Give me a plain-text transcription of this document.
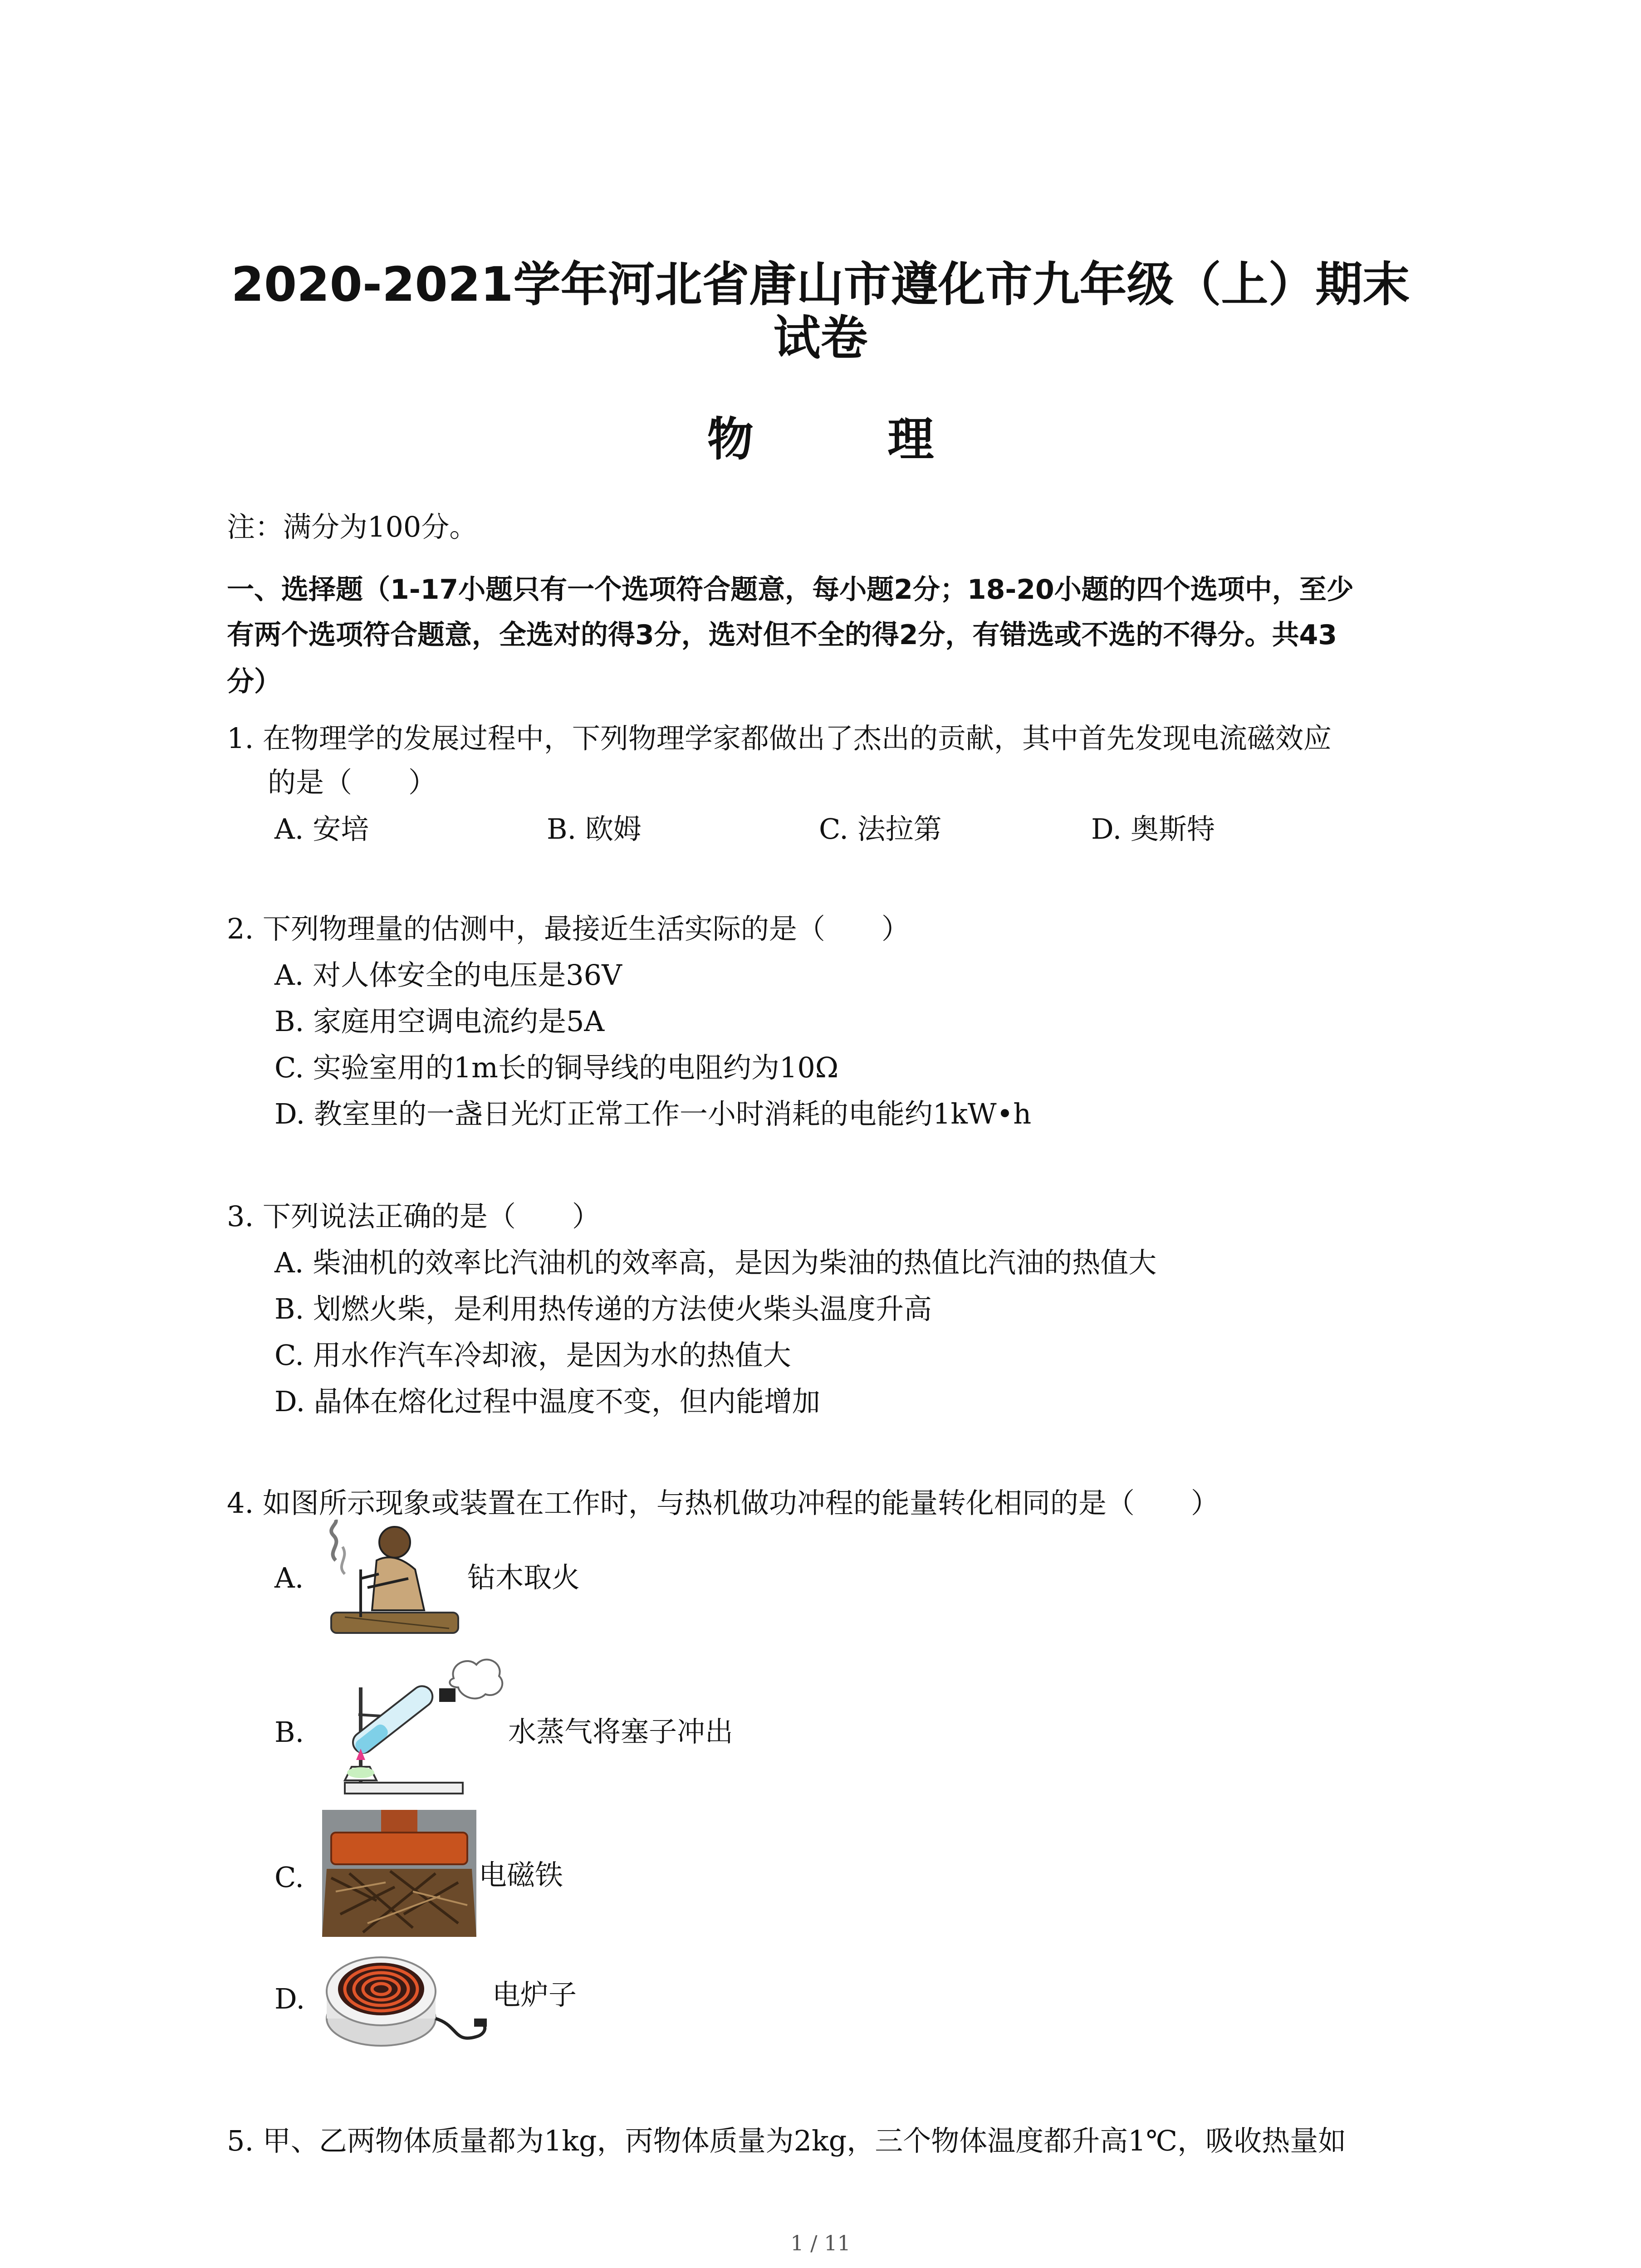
2020-2021学年河北省唐山市遵化市九年级（上）期末
试卷
物 理
注：满分为100分。
一、选择题（1-17小题只有一个选项符合题意，每小题2分；18-20小题的四个选项中，至少
有两个选项符合题意，全选对的得3分，选对但不全的得2分，有错选或不选的不得分。共43
分）
1. 在物理学的发展过程中，下列物理学家都做出了杰出的贡献，其中首先发现电流磁效应
的是（　　）
A. 安培	B. 欧姆	C. 法拉第	D. 奥斯特
2. 下列物理量的估测中，最接近生活实际的是（　　）
A. 对人体安全的电压是36V
B. 家庭用空调电流约是5A
C. 实验室用的1m长的铜导线的电阻约为10Ω
D. 教室里的一盏日光灯正常工作一小时消耗的电能约1kW•h
3. 下列说法正确的是（　　）
A. 柴油机的效率比汽油机的效率高，是因为柴油的热值比汽油的热值大
B. 划燃火柴，是利用热传递的方法使火柴头温度升高
C. 用水作汽车冷却液，是因为水的热值大
D. 晶体在熔化过程中温度不变，但内能增加
4. 如图所示现象或装置在工作时，与热机做功冲程的能量转化相同的是（　　）
A.	钻木取火
B.	水蒸气将塞子冲出
C.	电磁铁
D.	电炉子
5. 甲、乙两物体质量都为1kg，丙物体质量为2kg，三个物体温度都升高1℃，吸收热量如
1 / 11
